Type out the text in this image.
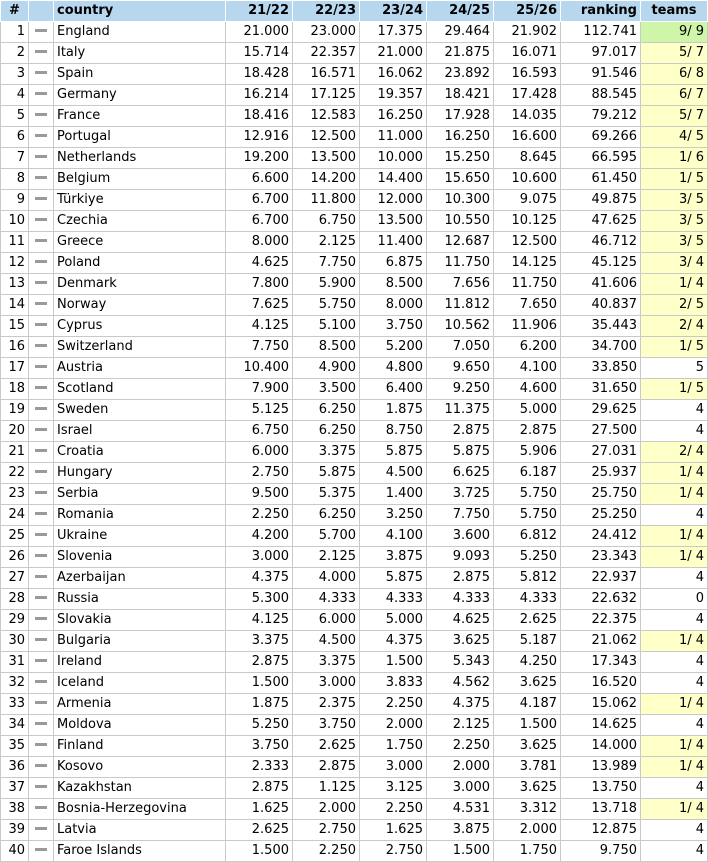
#		country	21/22	22/23	23/24	24/25	25/26	ranking	teams
1		England	21.000	23.000	17.375	29.464	21.902	112.741	9/ 9
2		Italy	15.714	22.357	21.000	21.875	16.071	97.017	5/ 7
3		Spain	18.428	16.571	16.062	23.892	16.593	91.546	6/ 8
4		Germany	16.214	17.125	19.357	18.421	17.428	88.545	6/ 7
5		France	18.416	12.583	16.250	17.928	14.035	79.212	5/ 7
6		Portugal	12.916	12.500	11.000	16.250	16.600	69.266	4/ 5
7		Netherlands	19.200	13.500	10.000	15.250	8.645	66.595	1/ 6
8		Belgium	6.600	14.200	14.400	15.650	10.600	61.450	1/ 5
9		Türkiye	6.700	11.800	12.000	10.300	9.075	49.875	3/ 5
10		Czechia	6.700	6.750	13.500	10.550	10.125	47.625	3/ 5
11		Greece	8.000	2.125	11.400	12.687	12.500	46.712	3/ 5
12		Poland	4.625	7.750	6.875	11.750	14.125	45.125	3/ 4
13		Denmark	7.800	5.900	8.500	7.656	11.750	41.606	1/ 4
14		Norway	7.625	5.750	8.000	11.812	7.650	40.837	2/ 5
15		Cyprus	4.125	5.100	3.750	10.562	11.906	35.443	2/ 4
16		Switzerland	7.750	8.500	5.200	7.050	6.200	34.700	1/ 5
17		Austria	10.400	4.900	4.800	9.650	4.100	33.850	5
18		Scotland	7.900	3.500	6.400	9.250	4.600	31.650	1/ 5
19		Sweden	5.125	6.250	1.875	11.375	5.000	29.625	4
20		Israel	6.750	6.250	8.750	2.875	2.875	27.500	4
21		Croatia	6.000	3.375	5.875	5.875	5.906	27.031	2/ 4
22		Hungary	2.750	5.875	4.500	6.625	6.187	25.937	1/ 4
23		Serbia	9.500	5.375	1.400	3.725	5.750	25.750	1/ 4
24		Romania	2.250	6.250	3.250	7.750	5.750	25.250	4
25		Ukraine	4.200	5.700	4.100	3.600	6.812	24.412	1/ 4
26		Slovenia	3.000	2.125	3.875	9.093	5.250	23.343	1/ 4
27		Azerbaijan	4.375	4.000	5.875	2.875	5.812	22.937	4
28		Russia	5.300	4.333	4.333	4.333	4.333	22.632	0
29		Slovakia	4.125	6.000	5.000	4.625	2.625	22.375	4
30		Bulgaria	3.375	4.500	4.375	3.625	5.187	21.062	1/ 4
31		Ireland	2.875	3.375	1.500	5.343	4.250	17.343	4
32		Iceland	1.500	3.000	3.833	4.562	3.625	16.520	4
33		Armenia	1.875	2.375	2.250	4.375	4.187	15.062	1/ 4
34		Moldova	5.250	3.750	2.000	2.125	1.500	14.625	4
35		Finland	3.750	2.625	1.750	2.250	3.625	14.000	1/ 4
36		Kosovo	2.333	2.875	3.000	2.000	3.781	13.989	1/ 4
37		Kazakhstan	2.875	1.125	3.125	3.000	3.625	13.750	4
38		Bosnia-Herzegovina	1.625	2.000	2.250	4.531	3.312	13.718	1/ 4
39		Latvia	2.625	2.750	1.625	3.875	2.000	12.875	4
40		Faroe Islands	1.500	2.250	2.750	1.500	1.750	9.750	4
